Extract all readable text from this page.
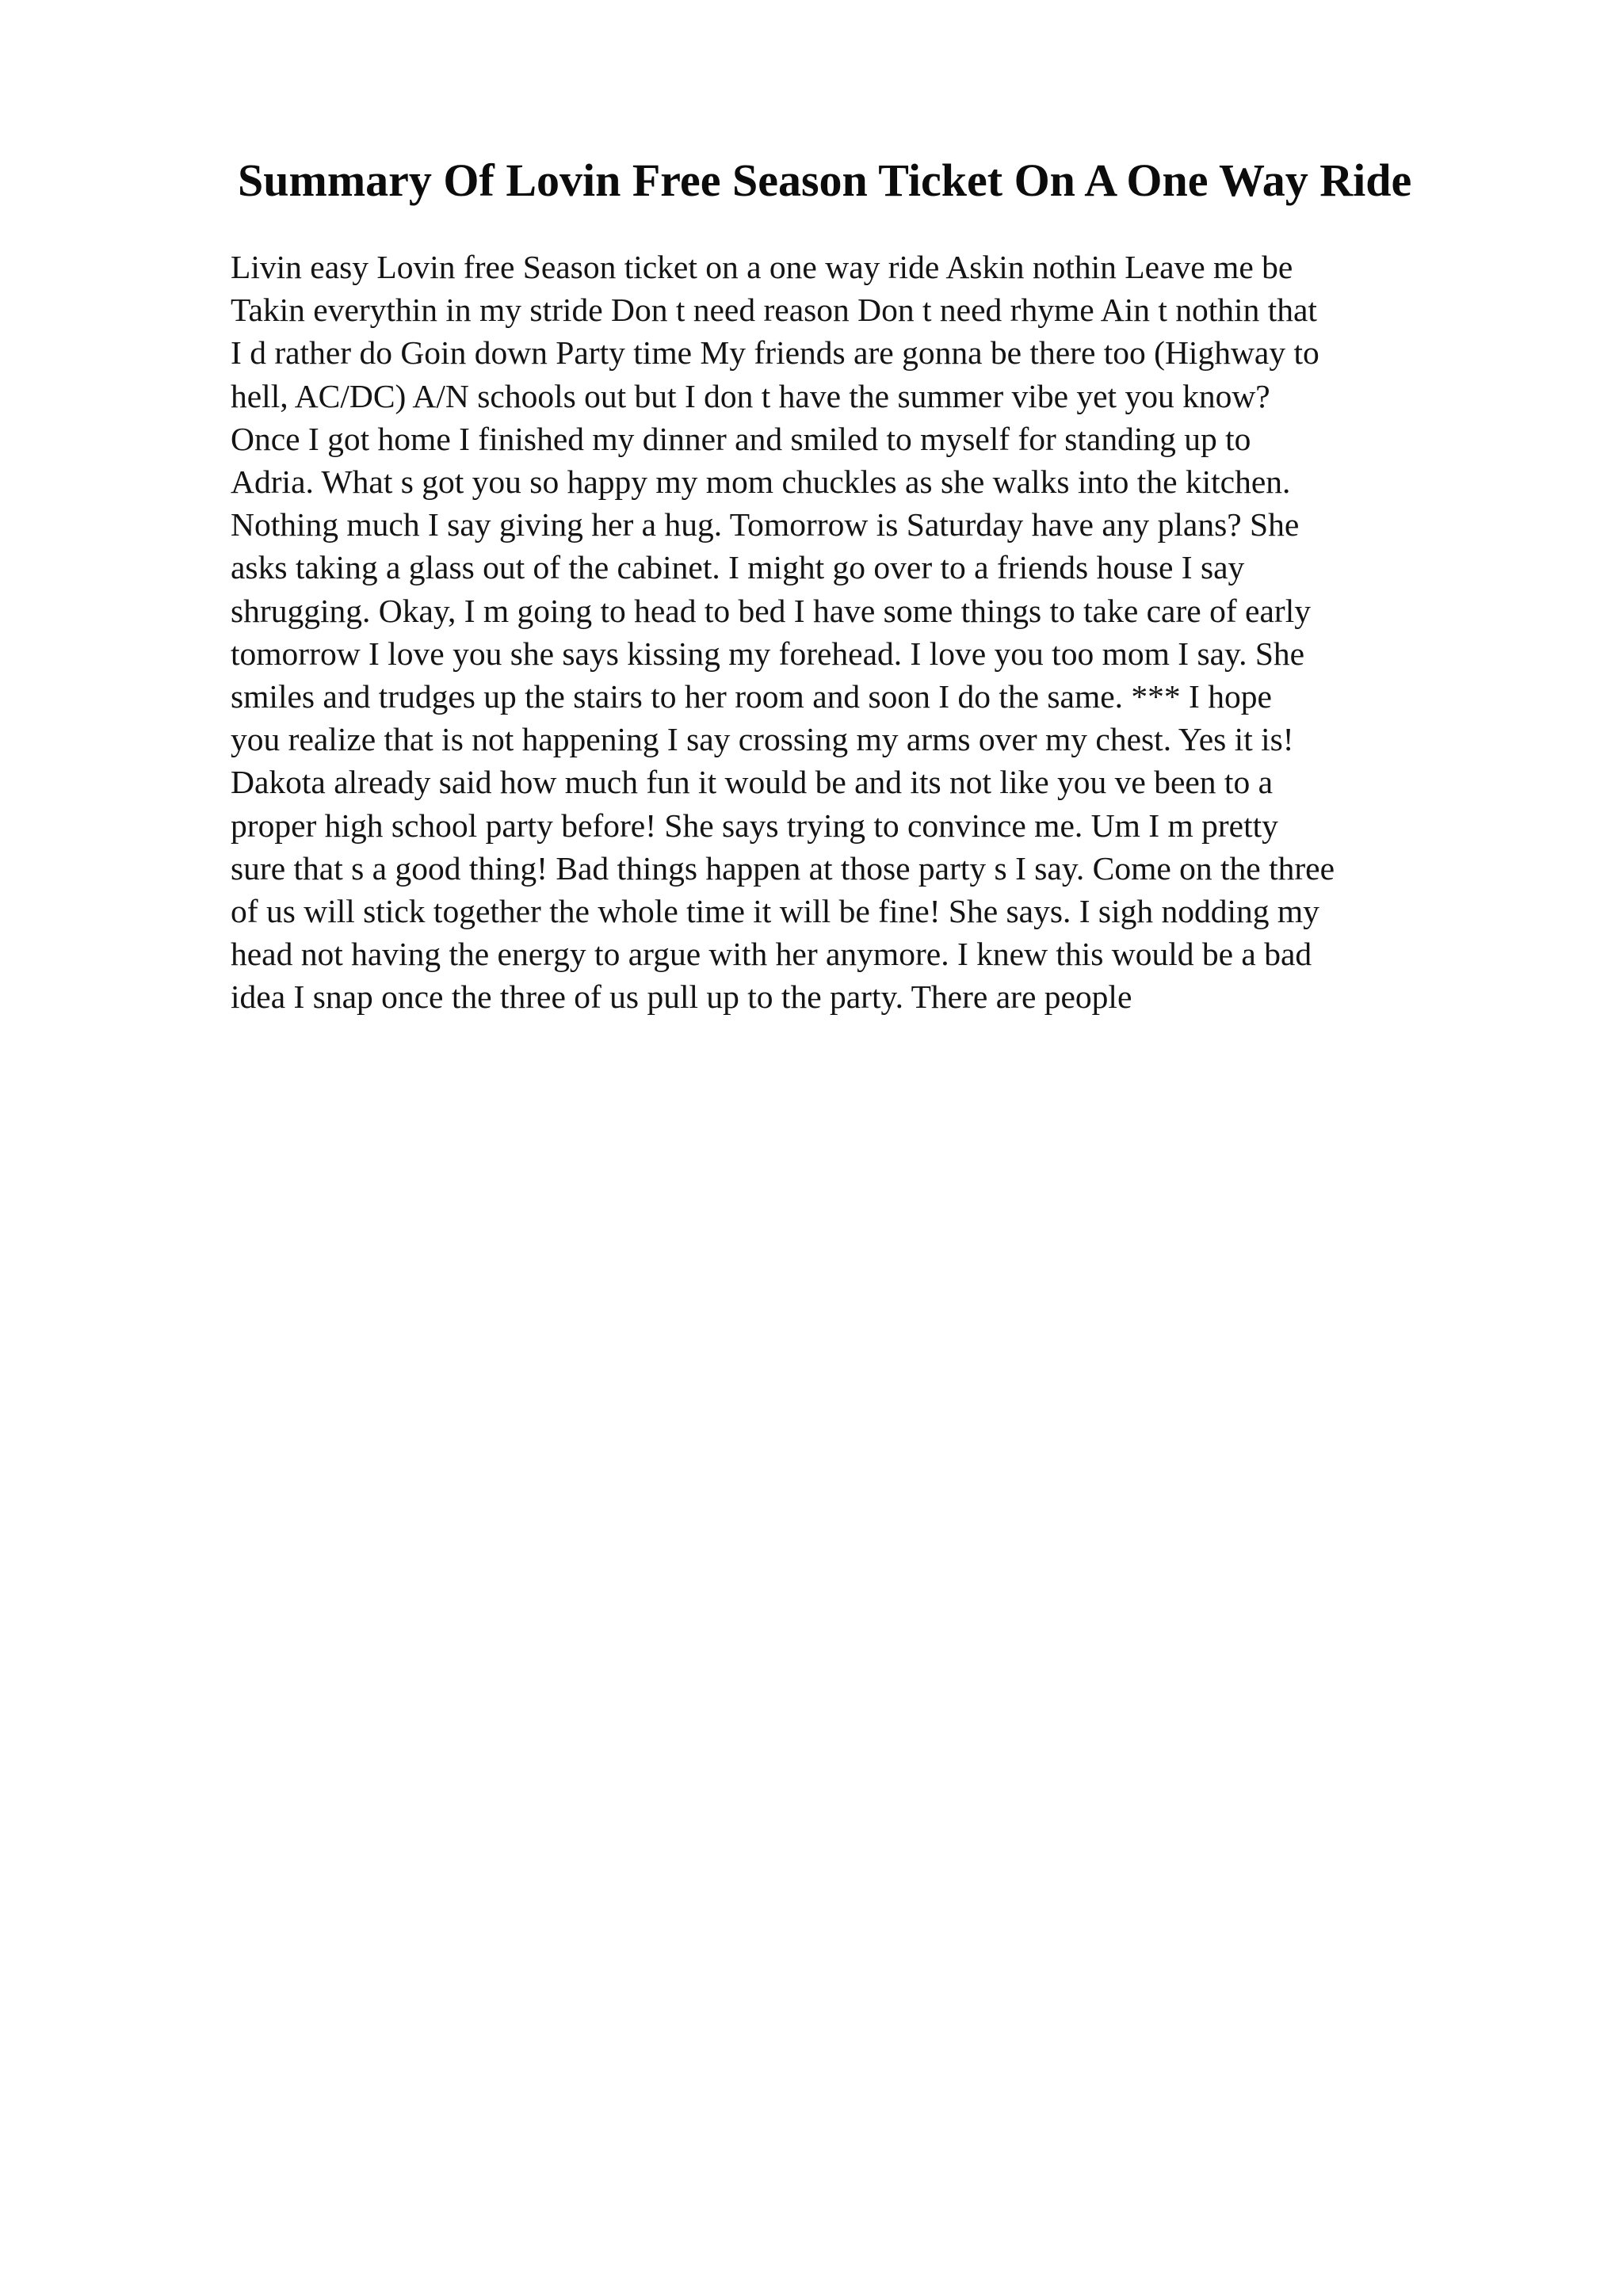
Summary Of Lovin Free Season Ticket On A One Way Ride
Livin easy Lovin free Season ticket on a one way ride Askin nothin Leave me be
Takin everythin in my stride Don t need reason Don t need rhyme Ain t nothin that
I d rather do Goin down Party time My friends are gonna be there too (Highway to
hell, AC/DC) A/N schools out but I don t have the summer vibe yet you know?
Once I got home I finished my dinner and smiled to myself for standing up to
Adria. What s got you so happy my mom chuckles as she walks into the kitchen.
Nothing much I say giving her a hug. Tomorrow is Saturday have any plans? She
asks taking a glass out of the cabinet. I might go over to a friends house I say
shrugging. Okay, I m going to head to bed I have some things to take care of early
tomorrow I love you she says kissing my forehead. I love you too mom I say. She
smiles and trudges up the stairs to her room and soon I do the same. *** I hope
you realize that is not happening I say crossing my arms over my chest. Yes it is!
Dakota already said how much fun it would be and its not like you ve been to a
proper high school party before! She says trying to convince me. Um I m pretty
sure that s a good thing! Bad things happen at those party s I say. Come on the three
of us will stick together the whole time it will be fine! She says. I sigh nodding my
head not having the energy to argue with her anymore. I knew this would be a bad
idea I snap once the three of us pull up to the party. There are people
